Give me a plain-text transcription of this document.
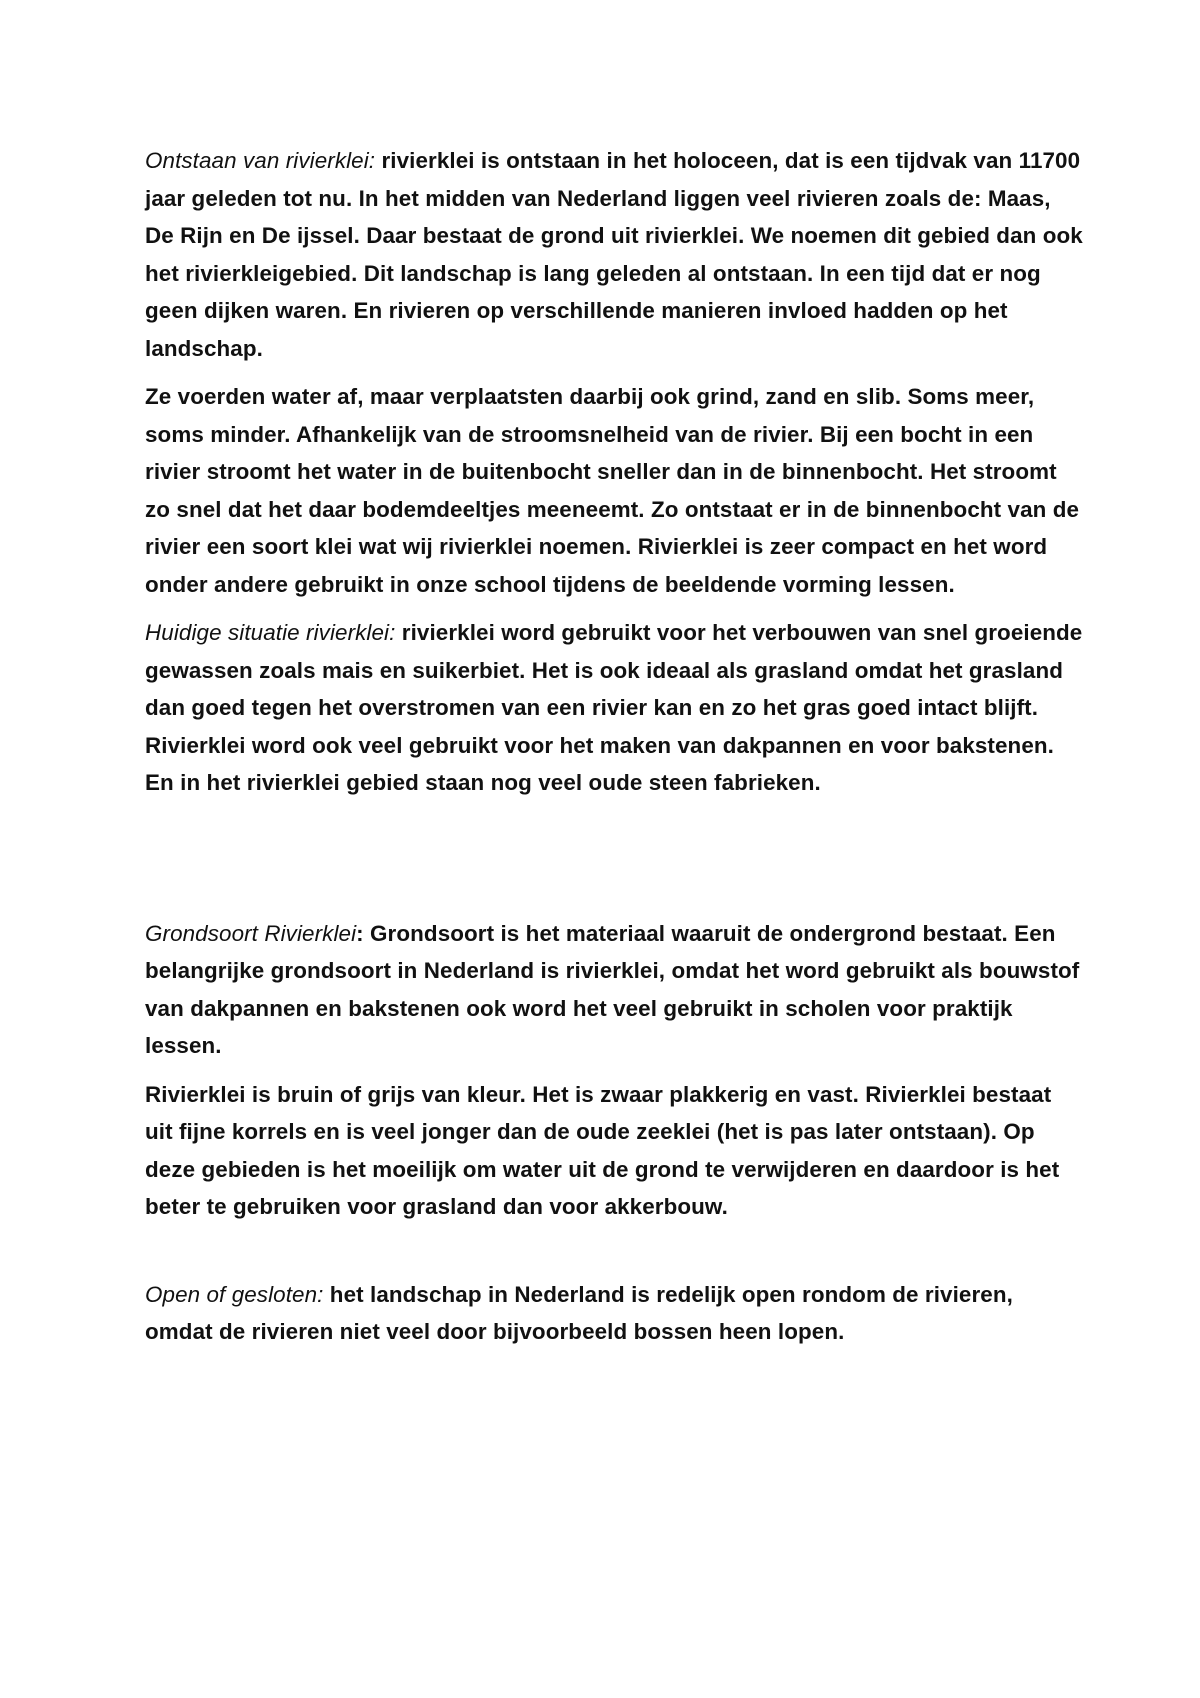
Ontstaan van rivierklei: rivierklei is ontstaan in het holoceen, dat is een tijdvak van 11700 jaar geleden tot nu. In het midden van Nederland liggen veel rivieren zoals de: Maas, De Rijn en De ijssel. Daar bestaat de grond uit rivierklei. We noemen dit gebied dan ook het rivierkleigebied. Dit landschap is lang geleden al ontstaan. In een tijd dat er nog geen dijken waren. En rivieren op verschillende manieren invloed hadden op het landschap.

Ze voerden water af, maar verplaatsten daarbij ook grind, zand en slib. Soms meer, soms minder. Afhankelijk van de stroomsnelheid van de rivier. Bij een bocht in een rivier stroomt het water in de buitenbocht sneller dan in de binnenbocht. Het stroomt zo snel dat het daar bodemdeeltjes meeneemt. Zo ontstaat er in de binnenbocht van de rivier een soort klei wat wij rivierklei noemen. Rivierklei is zeer compact en het word onder andere gebruikt in onze school tijdens de beeldende vorming lessen.

Huidige situatie rivierklei: rivierklei word gebruikt voor het verbouwen van snel groeiende gewassen zoals mais en suikerbiet. Het is ook ideaal als grasland omdat het grasland dan goed tegen het overstromen van een rivier kan en zo het gras goed intact blijft. Rivierklei word ook veel gebruikt voor het maken van dakpannen en voor bakstenen. En in het rivierklei gebied staan nog veel oude steen fabrieken.

Grondsoort Rivierklei: Grondsoort is het materiaal waaruit de ondergrond bestaat. Een belangrijke grondsoort in Nederland is rivierklei, omdat het word gebruikt als bouwstof van dakpannen en bakstenen ook word het veel gebruikt in scholen voor praktijk lessen.

Rivierklei is bruin of grijs van kleur. Het is zwaar plakkerig en vast. Rivierklei bestaat uit fijne korrels en is veel jonger dan de oude zeeklei (het is pas later ontstaan). Op deze gebieden is het moeilijk om water uit de grond te verwijderen en daardoor is het beter te gebruiken voor grasland dan voor akkerbouw.

Open of gesloten: het landschap in Nederland is redelijk open rondom de rivieren, omdat de rivieren niet veel door bijvoorbeeld bossen heen lopen.
